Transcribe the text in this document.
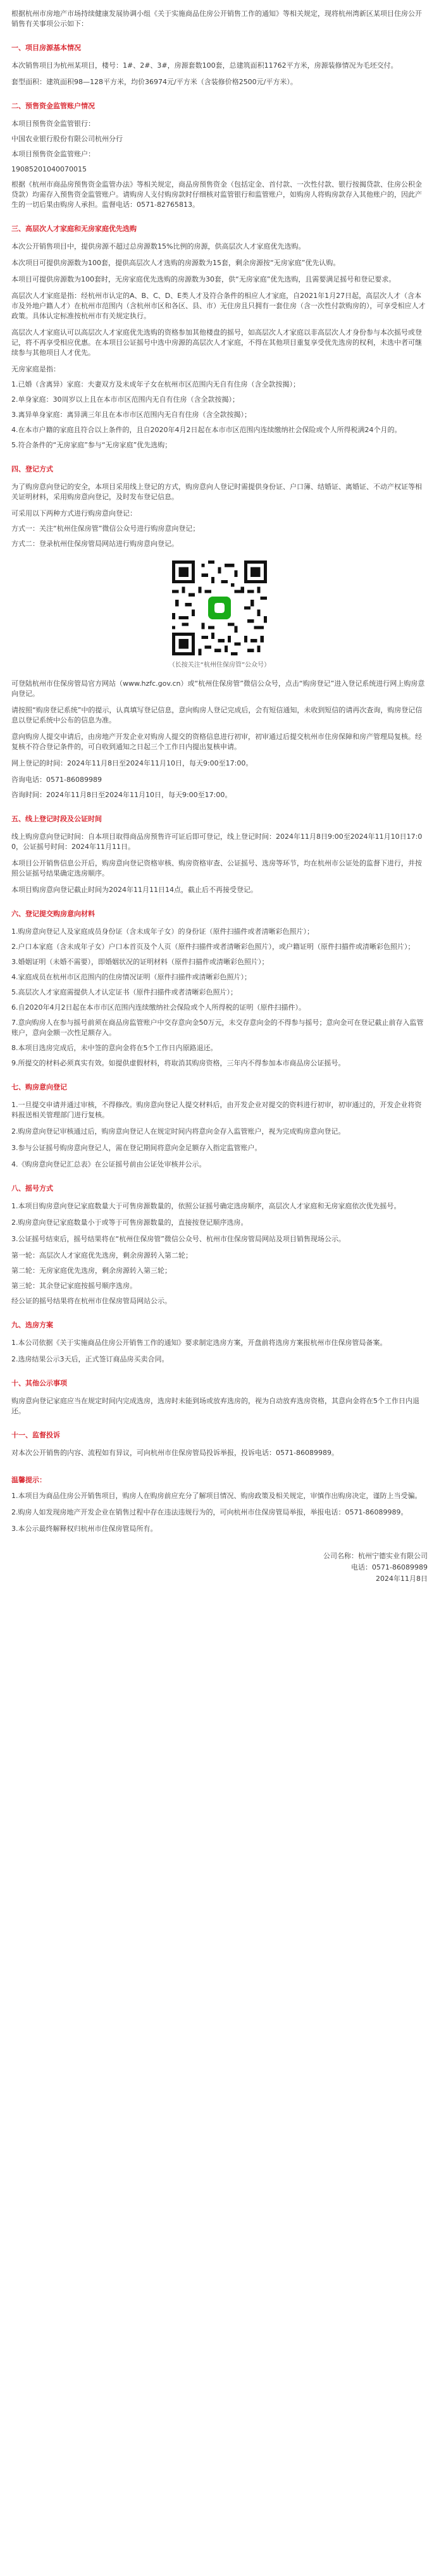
根据杭州市房地产市场持续健康发展协调小组《关于实施商品住房公开销售工作的通知》等相关规定，现将杭州湾新区某项目住房公开销售有关事项公示如下：

一、项目房源基本情况

本次销售项目为杭州某项目，楼号：1#、2#、3#，房源套数100套，总建筑面积11762平方米，房源装修情况为毛坯交付。

套型面积：建筑面积98—128平方米，均价36974元/平方米（含装修价格2500元/平方米）。

二、预售资金监管账户情况

本项目预售资金监管银行：

中国农业银行股份有限公司杭州分行

本项目预售资金监管账户：

19085201040070015

根据《杭州市商品房预售资金监管办法》等相关规定，商品房预售资金（包括定金、首付款、一次性付款、银行按揭贷款、住房公积金贷款）均需存入预售资金监管账户。请购房人支付购房款时仔细核对监管银行和监管账户，如购房人将购房款存入其他账户的，因此产生的一切后果由购房人承担。监督电话：0571-82765813。

三、高层次人才家庭和无房家庭优先选购

本次公开销售项目中，提供房源不超过总房源数15%比例的房源，供高层次人才家庭优先选购。

本次项目可提供房源数为100套，提供高层次人才选购的房源数为15套，剩余房源按“无房家庭”优先认购。

本项目可提供房源数为100套时，无房家庭优先选购的房源数为30套，供“无房家庭”优先选购，且需要满足摇号和登记要求。

高层次人才家庭是指：经杭州市认定的A、B、C、D、E类人才及符合条件的相应人才家庭，自2021年1月27日起，高层次人才（含本市及外地户籍人才）在杭州市范围内（含杭州市区和各区、县、市）无住房且只拥有一套住房（含一次性付款购房的），可享受相应人才政策。具体认定标准按杭州市有关规定执行。

高层次人才家庭认可以高层次人才家庭优先选购的资格参加其他楼盘的摇号，如高层次人才家庭以非高层次人才身份参与本次摇号或登记，将不再享受相应优惠。在本项目公证摇号中选中房源的高层次人才家庭，不得在其他项目重复享受优先选房的权利，未选中者可继续参与其他项目人才优先。

无房家庭是指：

1.已婚（含离异）家庭：夫妻双方及未成年子女在杭州市区范围内无自有住房（含全款按揭）；

2.单身家庭：30周岁以上且在本市市区范围内无自有住房（含全款按揭）；

3.离异单身家庭：离异满三年且在本市市区范围内无自有住房（含全款按揭）；

4.在本市户籍的家庭且符合以上条件的，且自2020年4月2日起在本市市区范围内连续缴纳社会保险或个人所得税满24个月的。

5.符合条件的“无房家庭”参与“无房家庭”优先选购；

四、登记方式

为了购房意向登记的安全，本项目采用线上登记的方式，购房意向人登记时需提供身份证、户口簿、结婚证、离婚证、不动产权证等相关证明材料，采用购房意向登记，及时发布登记信息。

可采用以下两种方式进行购房意向登记：

方式一：关注“杭州住保房管”微信公众号进行购房意向登记；

方式二：登录杭州住保房管局网站进行购房意向登记。

（长按关注“杭州住保房管”公众号）

可登陆杭州市住保房管局官方网站（www.hzfc.gov.cn）或“杭州住保房管”微信公众号，点击“购房登记”进入登记系统进行网上购房意向登记。

请按照“购房登记系统”中的提示，认真填写登记信息，意向购房人登记完成后，会有短信通知，未收到短信的请再次查询，购房登记信息以登记系统中公布的信息为准。

意向购房人提交申请后，由房地产开发企业对购房人提交的资格信息进行初审，初审通过后提交杭州市住房保障和房产管理局复核。经复核不符合登记条件的，可自收到通知之日起三个工作日内提出复核申请。

网上登记的时间：2024年11月8日至2024年11月10日，每天9:00至17:00。

咨询电话：0571-86089989

咨询时间：2024年11月8日至2024年11月10日，每天9:00至17:00。

五、线上登记时段及公证时间

线上购房意向登记时间：自本项目取得商品房预售许可证后即可登记，线上登记时间：2024年11月8日9:00至2024年11月10日17:00，公证摇号时间：2024年11月11日。

本项目公开销售信息公开后，购房意向登记资格审核、购房资格审查、公证摇号、选房等环节，均在杭州市公证处的监督下进行，并按照公证摇号结果确定选房顺序。

本项目购房意向登记截止时间为2024年11月11日14点，截止后不再接受登记。

六、登记提交购房意向材料

1.购房意向登记人及家庭成员身份证（含未成年子女）的身份证（原件扫描件或者清晰彩色照片）；

2.户口本家庭（含未成年子女）户口本首页及个人页（原件扫描件或者清晰彩色照片），或户籍证明（原件扫描件或清晰彩色照片）；

3.婚姻证明（未婚不需要），即婚姻状况的证明材料（原件扫描件或清晰彩色照片）；

4.家庭成员在杭州市区范围内的住房情况证明（原件扫描件或清晰彩色照片）；

5.高层次人才家庭需提供人才认定证书（原件扫描件或者清晰彩色照片）；

6.自2020年4月2日起在本市市区范围内连续缴纳社会保险或个人所得税的证明（原件扫描件）。

7.意向购房人在参与摇号前须在商品房监管账户中交存意向金50万元，未交存意向金的不得参与摇号；意向金可在登记截止前存入监管账户，意向金额一次性足额存入。

8.本项目选房完成后，未中签的意向金将在5个工作日内原路退还。

9.所提交的材料必须真实有效。如提供虚假材料，将取消其购房资格，三年内不得参加本市商品房公证摇号。

七、购房意向登记

1.一旦提交申请并通过审核，不得修改。购房意向登记人提交材料后，由开发企业对提交的资料进行初审，初审通过的，开发企业将资料报送相关管理部门进行复核。

2.购房意向登记审核通过后，购房意向登记人在规定时间内将意向金存入监管账户，视为完成购房意向登记。

3.参与公证摇号购房意向登记人，需在登记期间将意向金足额存入指定监管账户。

4.《购房意向登记汇总表》在公证摇号前由公证处审核并公示。

八、摇号方式

1.本项目购房意向登记家庭数量大于可售房源数量的，依照公证摇号确定选房顺序，高层次人才家庭和无房家庭依次优先摇号。

2.购房意向登记家庭数量小于或等于可售房源数量的，直接按登记顺序选房。

3.公证摇号结束后，摇号结果将在“杭州住保房管”微信公众号、杭州市住保房管局网站及项目销售现场公示。

第一轮：高层次人才家庭优先选房，剩余房源转入第二轮；

第二轮：无房家庭优先选房，剩余房源转入第三轮；

第三轮：其余登记家庭按摇号顺序选房。

经公证的摇号结果将在杭州市住保房管局网站公示。

九、选房方案

1.本公司依据《关于实施商品住房公开销售工作的通知》要求制定选房方案，开盘前将选房方案报杭州市住保房管局备案。

2.选房结果公示3天后，正式签订商品房买卖合同。

十、其他公示事项

购房意向登记家庭应当在规定时间内完成选房，选房时未能到场或放弃选房的，视为自动放弃选房资格，其意向金将在5个工作日内退还。

十一、监督投诉

对本次公开销售的内容、流程如有异议，可向杭州市住保房管局投诉举报，投诉电话：0571-86089989。

温馨提示：

1.本项目为商品住房公开销售项目，购房人在购房前应充分了解项目情况、购房政策及相关规定，审慎作出购房决定，谨防上当受骗。

2.购房人如发现房地产开发企业在销售过程中存在违法违规行为的，可向杭州市住保房管局举报，举报电话：0571-86089989。

3.本公示最终解释权归杭州市住保房管局所有。

公司名称：杭州宁德实业有限公司
电话：0571-86089989
2024年11月8日
